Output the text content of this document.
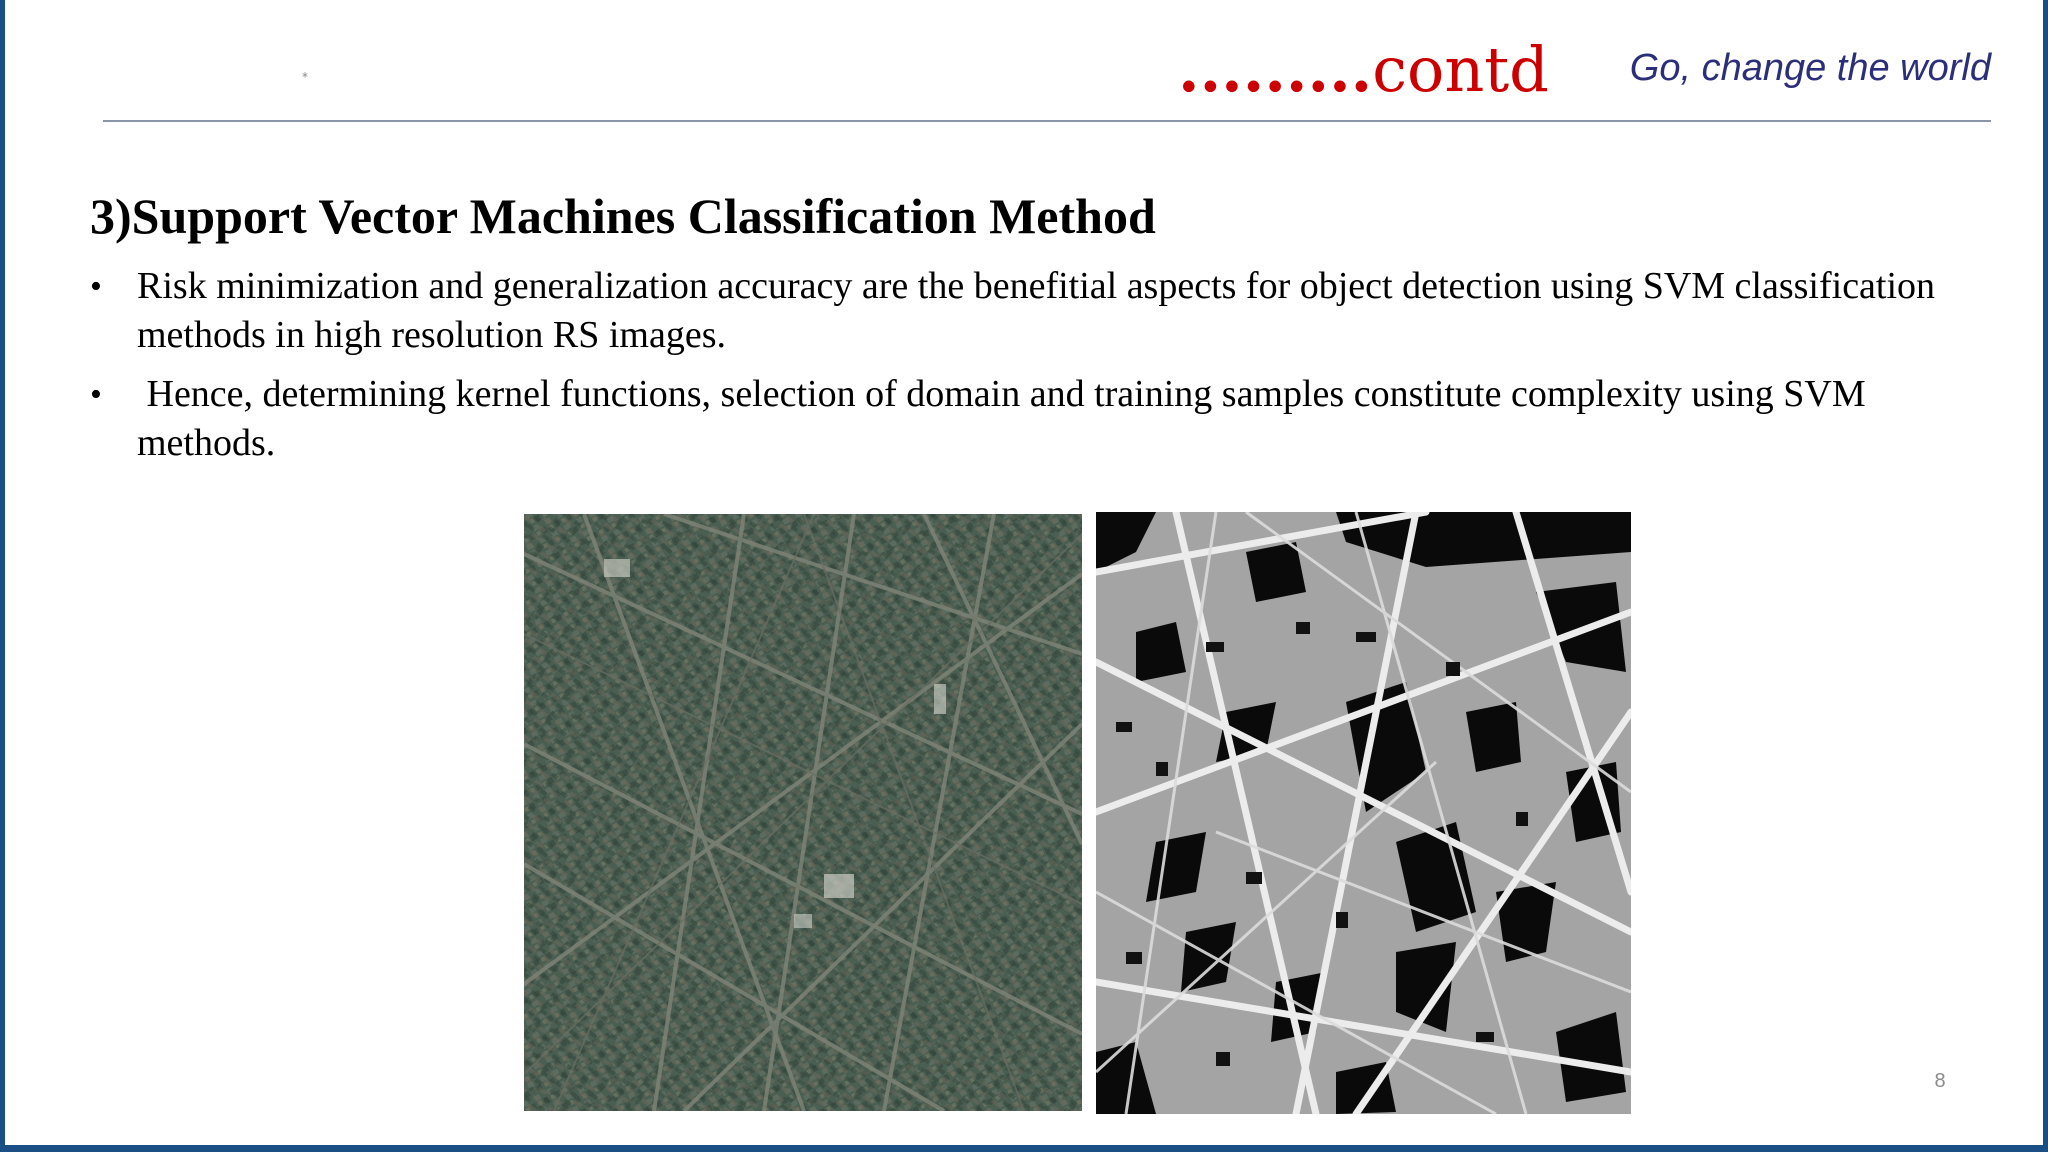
*	.........contd Go, change the world
3)Support Vector Machines Classification Method
• Risk minimization and generalization accuracy are the benefitial aspects for object detection using SVM classification methods in high resolution RS images.
• Hence, determining kernel functions, selection of domain and training samples constitute complexity using SVM methods.
8
